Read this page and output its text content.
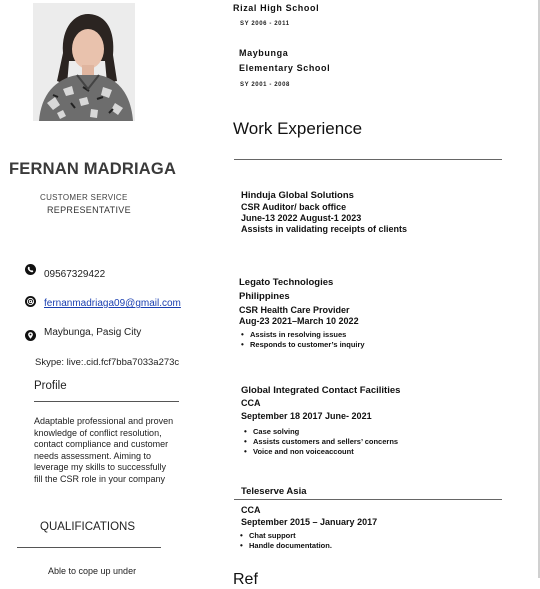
FERNAN MADRIAGA
CUSTOMER SERVICE
REPRESENTATIVE
09567329422
fernanmadriaga09@gmail.com
Maybunga, Pasig City
Skype: live:.cid.fcf7bba7033a273c
Profile
Adaptable professional and proven knowledge of conflict resolution, contact compliance and customer needs assessment. Aiming to leverage my skills to successfully fill the CSR role in your company
QUALIFICATIONS
Able to cope up under
Rizal High School
SY 2006 - 2011
Maybunga
Elementary School
SY 2001 - 2008
Work Experience
Hinduja Global Solutions
CSR Auditor/ back office
June-13 2022 August-1 2023
Assists in validating receipts of clients
Legato Technologies
Philippines
CSR Health Care Provider
Aug-23 2021–March 10 2022
• Assists in resolving issues
• Responds to customer’s inquiry
Global Integrated Contact Facilities
CCA
September 18 2017 June- 2021
• Case solving
• Assists customers and sellers’ concerns
• Voice and non voiceaccount
Teleserve Asia
CCA
September 2015 – January 2017
• Chat support
• Handle documentation.
Ref
